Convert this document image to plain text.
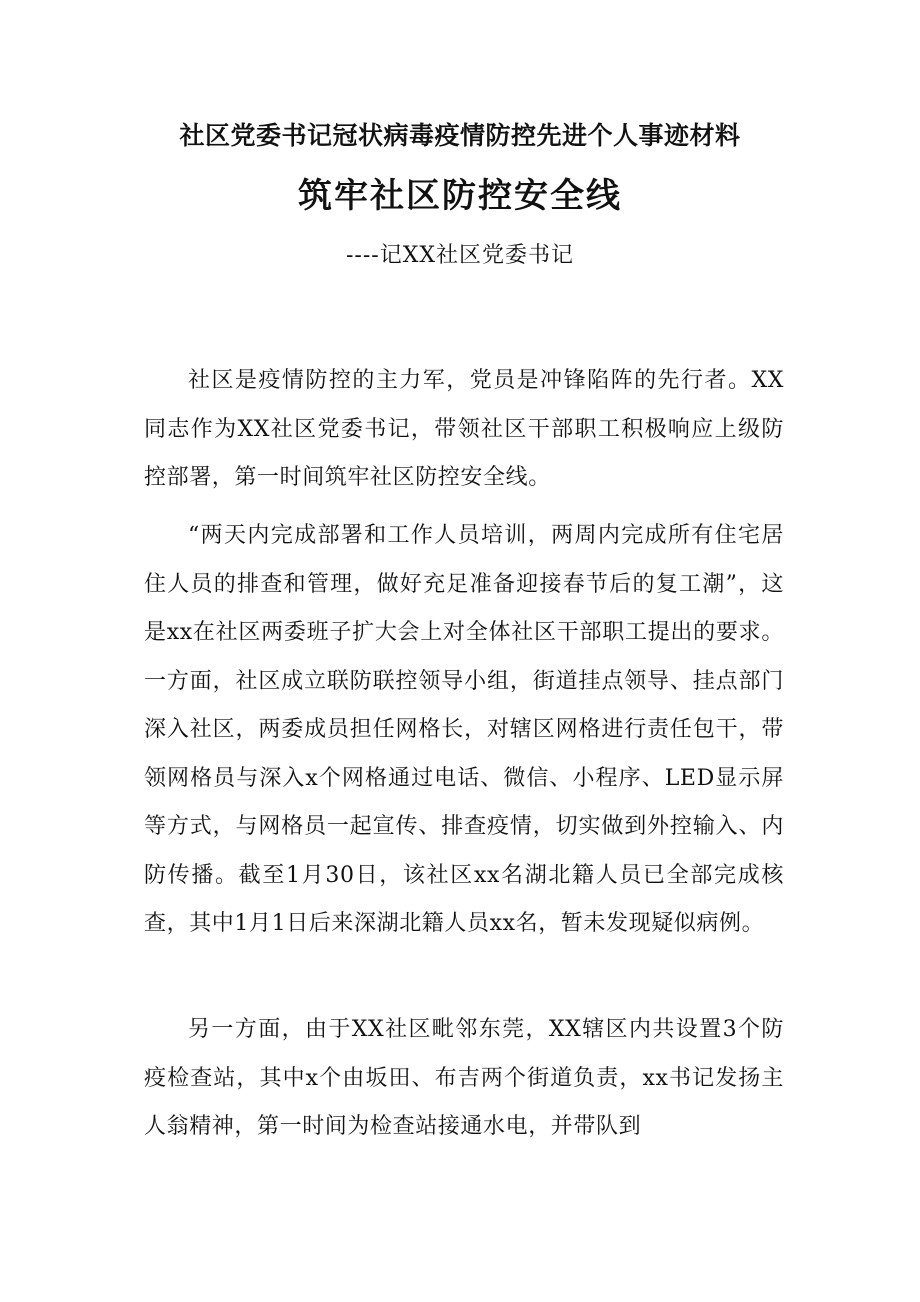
社区党委书记冠状病毒疫情防控先进个人事迹材料
筑牢社区防控安全线
----记XX社区党委书记

社区是疫情防控的主力军，党员是冲锋陷阵的先行者。XX同志作为XX社区党委书记，带领社区干部职工积极响应上级防控部署，第一时间筑牢社区防控安全线。

“两天内完成部署和工作人员培训，两周内完成所有住宅居住人员的排查和管理，做好充足准备迎接春节后的复工潮”，这是xx在社区两委班子扩大会上对全体社区干部职工提出的要求。一方面，社区成立联防联控领导小组，街道挂点领导、挂点部门深入社区，两委成员担任网格长，对辖区网格进行责任包干，带领网格员与深入x个网格通过电话、微信、小程序、LED显示屏等方式，与网格员一起宣传、排查疫情，切实做到外控输入、内防传播。截至1月30日，该社区xx名湖北籍人员已全部完成核查，其中1月1日后来深湖北籍人员xx名，暂未发现疑似病例。

另一方面，由于XX社区毗邻东莞，XX辖区内共设置3个防疫检查站，其中x个由坂田、布吉两个街道负责，xx书记发扬主人翁精神，第一时间为检查站接通水电，并带队到
